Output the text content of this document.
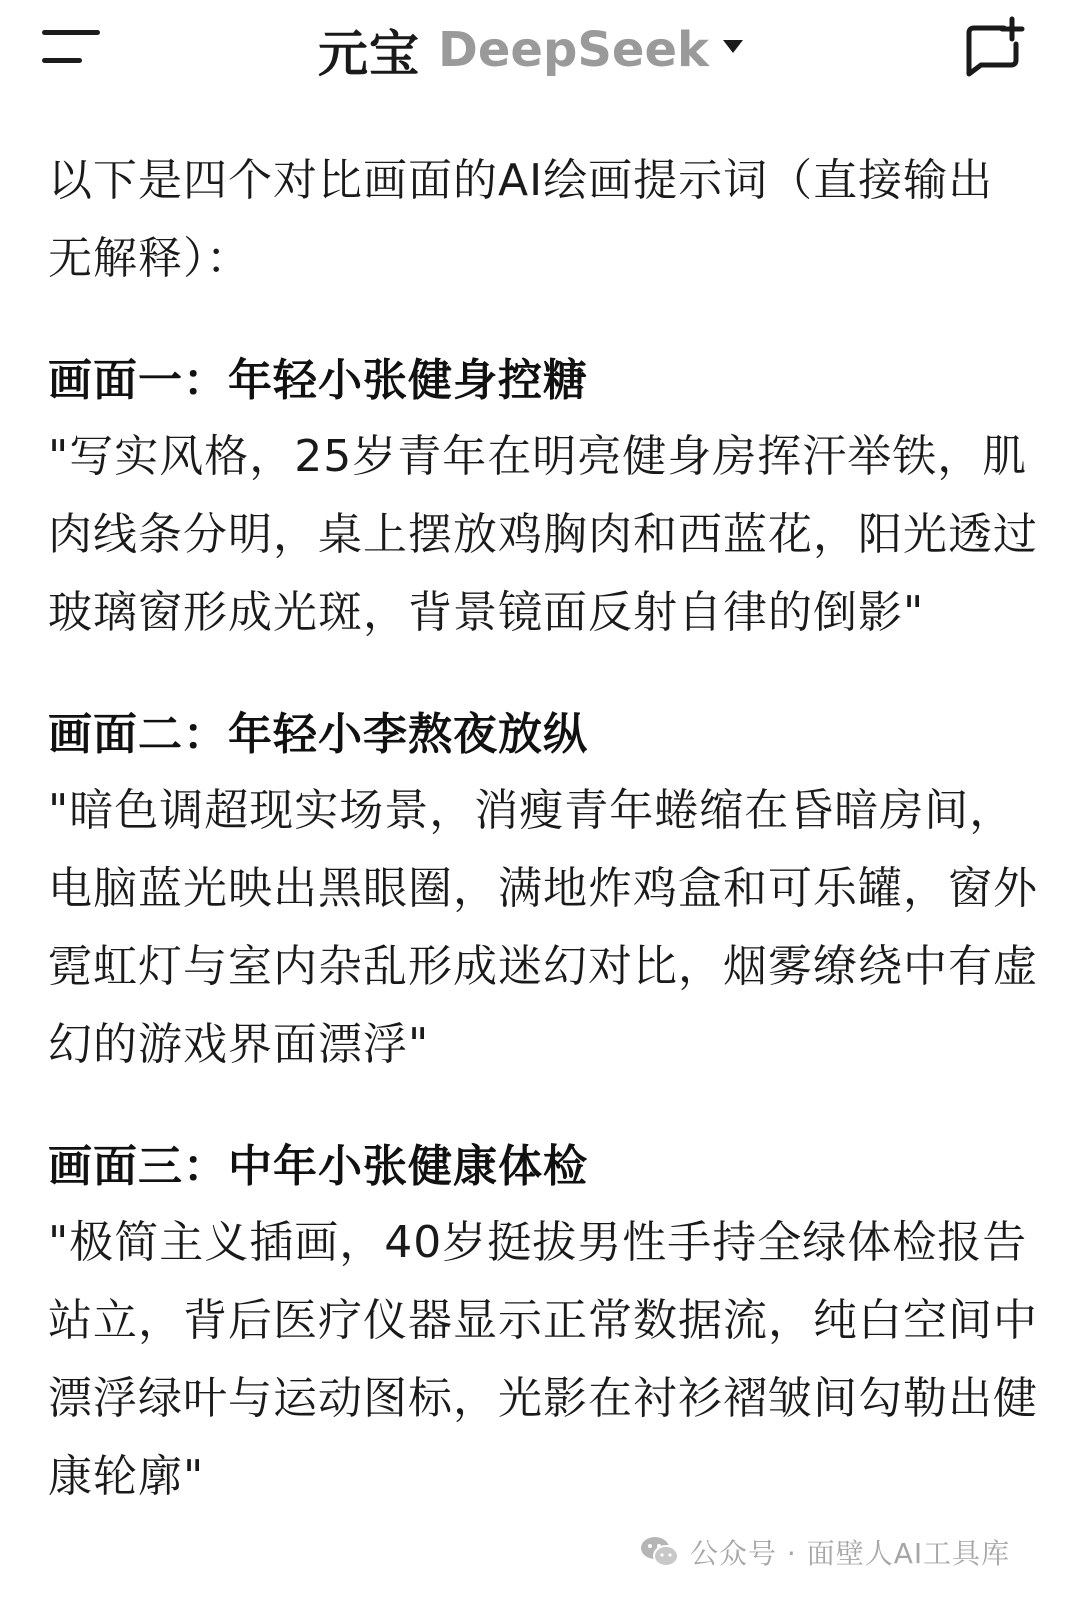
元宝 DeepSeek

以下是四个对比画面的AI绘画提示词（直接输出无解释）：

画面一：年轻小张健身控糖

"写实风格，25岁青年在明亮健身房挥汗举铁，肌肉线条分明，桌上摆放鸡胸肉和西蓝花，阳光透过玻璃窗形成光斑，背景镜面反射自律的倒影"

画面二：年轻小李熬夜放纵

"暗色调超现实场景，消瘦青年蜷缩在昏暗房间，电脑蓝光映出黑眼圈，满地炸鸡盒和可乐罐，窗外霓虹灯与室内杂乱形成迷幻对比，烟雾缭绕中有虚幻的游戏界面漂浮"

画面三：中年小张健康体检

"极简主义插画，40岁挺拔男性手持全绿体检报告站立，背后医疗仪器显示正常数据流，纯白空间中漂浮绿叶与运动图标，光影在衬衫褶皱间勾勒出健康轮廓"

公众号 · 面壁人AI工具库
